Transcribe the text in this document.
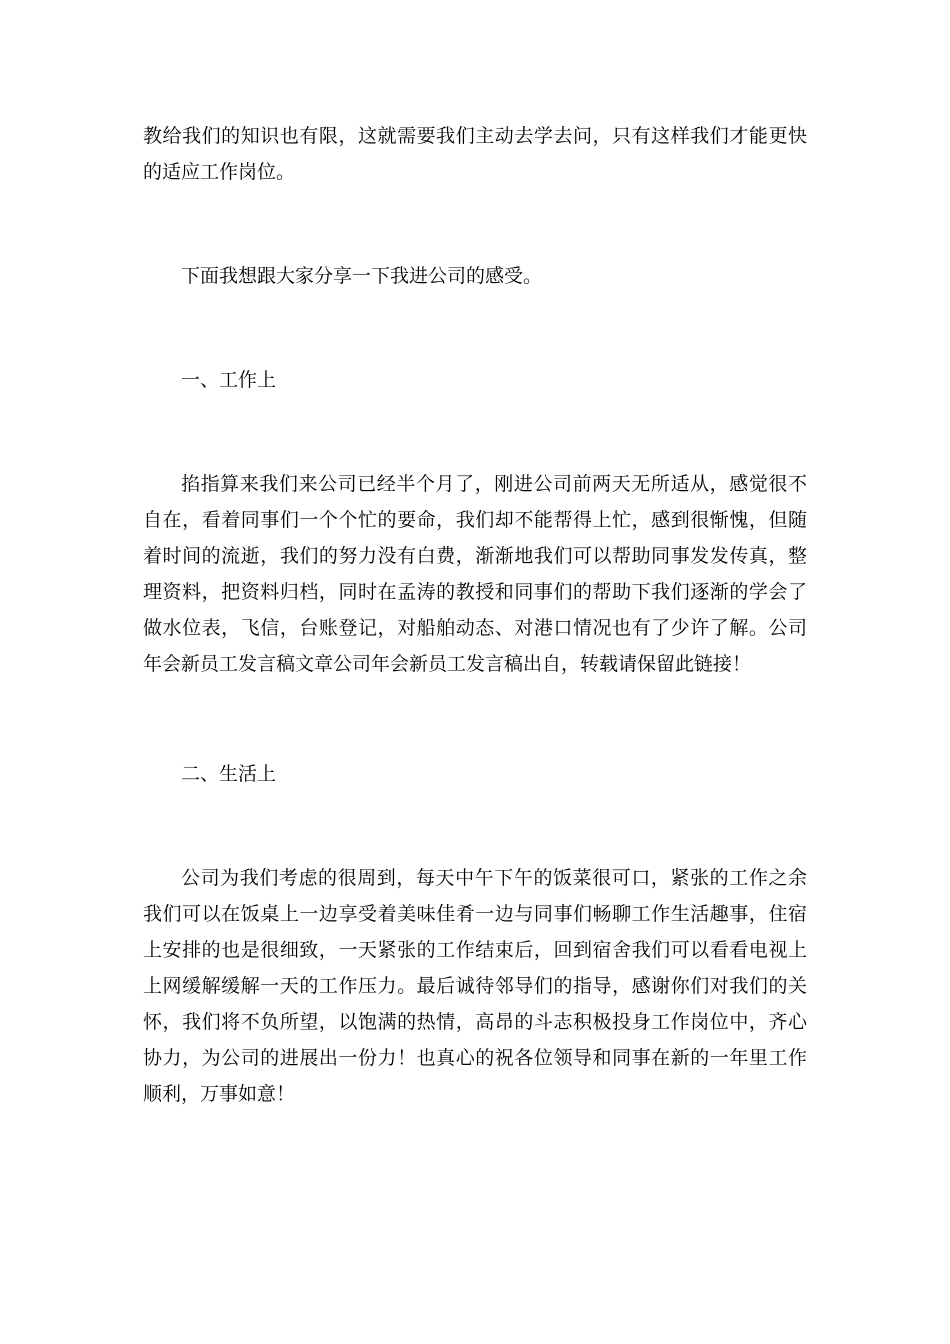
教给我们的知识也有限，这就需要我们主动去学去问，只有这样我们才能更快的适应工作岗位。

下面我想跟大家分享一下我进公司的感受。

一、工作上

掐指算来我们来公司已经半个月了，刚进公司前两天无所适从，感觉很不自在，看着同事们一个个忙的要命，我们却不能帮得上忙，感到很惭愧，但随着时间的流逝，我们的努力没有白费，渐渐地我们可以帮助同事发发传真，整理资料，把资料归档，同时在孟涛的教授和同事们的帮助下我们逐渐的学会了做水位表，飞信，台账登记，对船舶动态、对港口情况也有了少许了解。公司年会新员工发言稿文章公司年会新员工发言稿出自，转载请保留此链接！

二、生活上

公司为我们考虑的很周到，每天中午下午的饭菜很可口，紧张的工作之余我们可以在饭桌上一边享受着美味佳肴一边与同事们畅聊工作生活趣事，住宿上安排的也是很细致，一天紧张的工作结束后，回到宿舍我们可以看看电视上上网缓解缓解一天的工作压力。最后诚待邻导们的指导，感谢你们对我们的关怀，我们将不负所望，以饱满的热情，高昂的斗志积极投身工作岗位中，齐心协力，为公司的进展出一份力！也真心的祝各位领导和同事在新的一年里工作顺利，万事如意！
